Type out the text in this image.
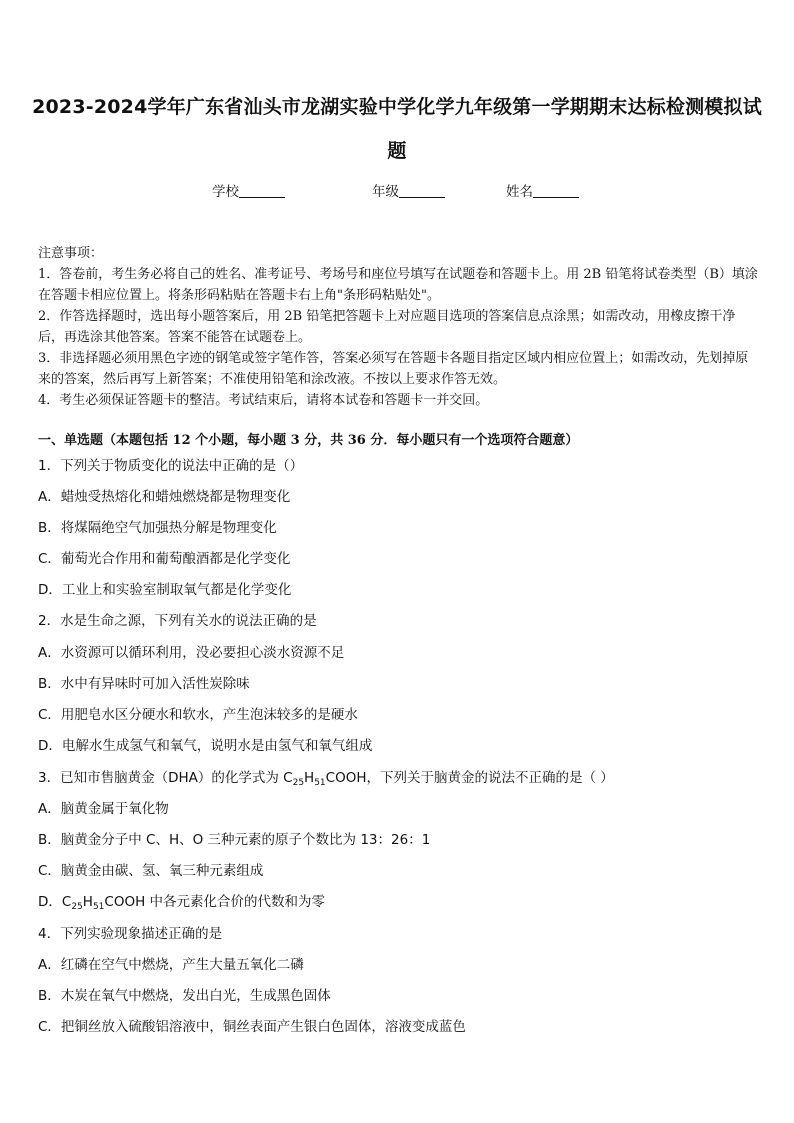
2023-2024学年广东省汕头市龙湖实验中学化学九年级第一学期期末达标检测模拟试题
学校	年级	姓名

注意事项：

1．答卷前，考生务必将自己的姓名、准考证号、考场号和座位号填写在试题卷和答题卡上。用 2B 铅笔将试卷类型（B）填涂在答题卡相应位置上。将条形码粘贴在答题卡右上角"条形码粘贴处"。

2．作答选择题时，选出每小题答案后，用 2B 铅笔把答题卡上对应题目选项的答案信息点涂黑；如需改动，用橡皮擦干净后，再选涂其他答案。答案不能答在试题卷上。

3．非选择题必须用黑色字迹的钢笔或签字笔作答，答案必须写在答题卡各题目指定区域内相应位置上；如需改动，先划掉原来的答案，然后再写上新答案；不准使用铅笔和涂改液。不按以上要求作答无效。

4．考生必须保证答题卡的整洁。考试结束后，请将本试卷和答题卡一并交回。

一、单选题（本题包括 12 个小题，每小题 3 分，共 36 分．每小题只有一个选项符合题意）
1．下列关于物质变化的说法中正确的是（）
A．蜡烛受热熔化和蜡烛燃烧都是物理变化
B．将煤隔绝空气加强热分解是物理变化
C．葡萄光合作用和葡萄酿酒都是化学变化
D．工业上和实验室制取氧气都是化学变化
2．水是生命之源，下列有关水的说法正确的是
A．水资源可以循环利用，没必要担心淡水资源不足
B．水中有异味时可加入活性炭除味
C．用肥皂水区分硬水和软水，产生泡沫较多的是硬水
D．电解水生成氢气和氧气，说明水是由氢气和氧气组成
3．已知市售脑黄金（DHA）的化学式为 $C_{25}H_{51}COOH$，下列关于脑黄金的说法不正确的是（ ）
A．脑黄金属于氧化物
B．脑黄金分子中 C、H、O 三种元素的原子个数比为 13：26：1
C．脑黄金由碳、氢、氧三种元素组成
D．$C_{25}H_{51}COOH$ 中各元素化合价的代数和为零
4．下列实验现象描述正确的是
A．红磷在空气中燃烧，产生大量五氧化二磷
B．木炭在氧气中燃烧，发出白光，生成黑色固体
C．把铜丝放入硫酸铝溶液中，铜丝表面产生银白色固体，溶液变成蓝色
